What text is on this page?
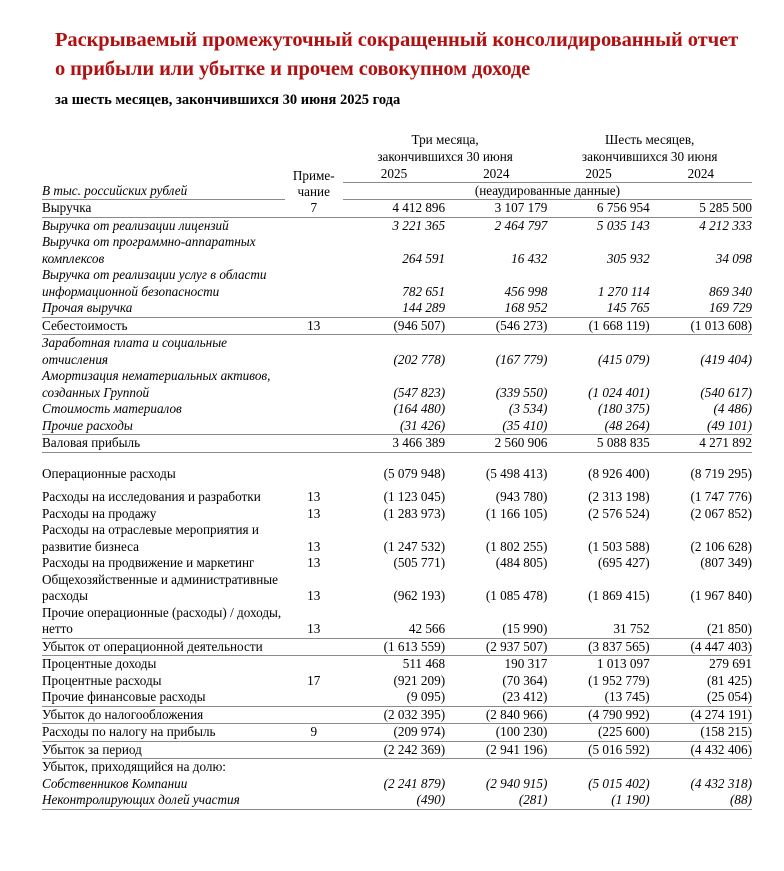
Раскрываемый промежуточный сокращенный консолидированный отчет о прибыли или убытке и прочем совокупном доходе
за шесть месяцев, закончившихся 30 июня 2025 года

Три месяца,
закончившихся 30 июня

Шесть месяцев,
закончившихся 30 июня

	Приме-
чание	2025	2024	2025	2024
В тыс. российских рублей		(неаудированные данные)			
Выручка	7	4 412 896	3 107 179	6 756 954	5 285 500
Выручка от реализации лицензий		3 221 365	2 464 797	5 035 143	4 212 333
Выручка от программно-аппаратных комплексов		264 591	16 432	305 932	34 098
Выручка от реализации услуг в области информационной безопасности		782 651	456 998	1 270 114	869 340
Прочая выручка		144 289	168 952	145 765	169 729
Себестоимость	13	(946 507)	(546 273)	(1 668 119)	(1 013 608)
Заработная плата и социальные отчисления		(202 778)	(167 779)	(415 079)	(419 404)
Амортизация нематериальных активов, созданных Группой		(547 823)	(339 550)	(1 024 401)	(540 617)
Стоимость материалов		(164 480)	(3 534)	(180 375)	(4 486)
Прочие расходы		(31 426)	(35 410)	(48 264)	(49 101)
Валовая прибыль		3 466 389	2 560 906	5 088 835	4 271 892

Операционные расходы		(5 079 948)	(5 498 413)	(8 926 400)	(8 719 295)

Расходы на исследования и разработки	13	(1 123 045)	(943 780)	(2 313 198)	(1 747 776)
Расходы на продажу	13	(1 283 973)	(1 166 105)	(2 576 524)	(2 067 852)
Расходы на отраслевые мероприятия и развитие бизнеса	13	(1 247 532)	(1 802 255)	(1 503 588)	(2 106 628)
Расходы на продвижение и маркетинг	13	(505 771)	(484 805)	(695 427)	(807 349)
Общехозяйственные и административные расходы	13	(962 193)	(1 085 478)	(1 869 415)	(1 967 840)
Прочие операционные (расходы) / доходы, нетто	13	42 566	(15 990)	31 752	(21 850)
Убыток от операционной деятельности		(1 613 559)	(2 937 507)	(3 837 565)	(4 447 403)
Процентные доходы		511 468	190 317	1 013 097	279 691
Процентные расходы	17	(921 209)	(70 364)	(1 952 779)	(81 425)
Прочие финансовые расходы		(9 095)	(23 412)	(13 745)	(25 054)
Убыток до налогообложения		(2 032 395)	(2 840 966)	(4 790 992)	(4 274 191)
Расходы по налогу на прибыль	9	(209 974)	(100 230)	(225 600)	(158 215)
Убыток за период		(2 242 369)	(2 941 196)	(5 016 592)	(4 432 406)
Убыток, приходящийся на долю:					
Собственников Компании		(2 241 879)	(2 940 915)	(5 015 402)	(4 432 318)
Неконтролирующих долей участия		(490)	(281)	(1 190)	(88)
